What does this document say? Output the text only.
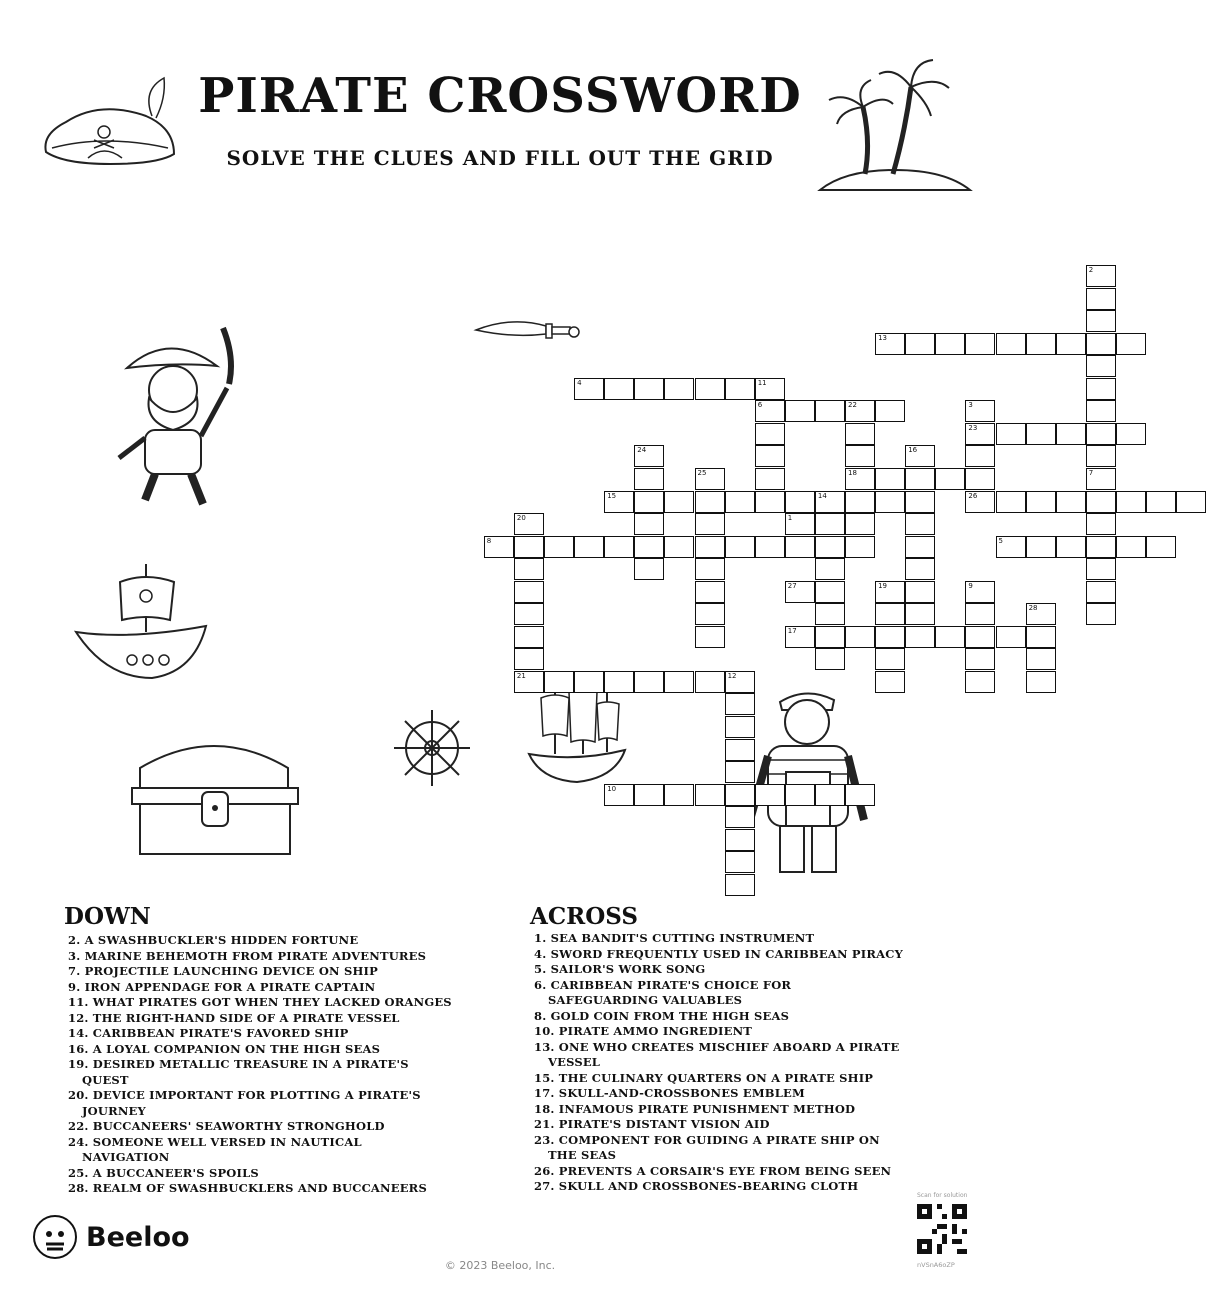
PIRATE CROSSWORD
SOLVE THE CLUES AND FILL OUT THE GRID
1
2
3
23
4	11
5
6	22
7
8
9
10
12
13
14
15
16
17
18
19
20
21
24
25
26
27
28
DOWN
2. A SWASHBUCKLER'S HIDDEN FORTUNE
3. MARINE BEHEMOTH FROM PIRATE ADVENTURES
7. PROJECTILE LAUNCHING DEVICE ON SHIP
9. IRON APPENDAGE FOR A PIRATE CAPTAIN
11. WHAT PIRATES GOT WHEN THEY LACKED ORANGES
12. THE RIGHT-HAND SIDE OF A PIRATE VESSEL
14. CARIBBEAN PIRATE'S FAVORED SHIP
16. A LOYAL COMPANION ON THE HIGH SEAS
19. DESIRED METALLIC TREASURE IN A PIRATE'S QUEST
20. DEVICE IMPORTANT FOR PLOTTING A PIRATE'S JOURNEY
22. BUCCANEERS' SEAWORTHY STRONGHOLD
24. SOMEONE WELL VERSED IN NAUTICAL NAVIGATION
25. A BUCCANEER'S SPOILS
28. REALM OF SWASHBUCKLERS AND BUCCANEERS
ACROSS
1. SEA BANDIT'S CUTTING INSTRUMENT
4. SWORD FREQUENTLY USED IN CARIBBEAN PIRACY
5. SAILOR'S WORK SONG
6. CARIBBEAN PIRATE'S CHOICE FOR SAFEGUARDING VALUABLES
8. GOLD COIN FROM THE HIGH SEAS
10. PIRATE AMMO INGREDIENT
13. ONE WHO CREATES MISCHIEF ABOARD A PIRATE VESSEL
15. THE CULINARY QUARTERS ON A PIRATE SHIP
17. SKULL-AND-CROSSBONES EMBLEM
18. INFAMOUS PIRATE PUNISHMENT METHOD
21. PIRATE'S DISTANT VISION AID
23. COMPONENT FOR GUIDING A PIRATE SHIP ON THE SEAS
26. PREVENTS A CORSAIR'S EYE FROM BEING SEEN
27. SKULL AND CROSSBONES-BEARING CLOTH
Beeloo
Scan for solution
nVSnA6oZP
© 2023 Beeloo, Inc.
